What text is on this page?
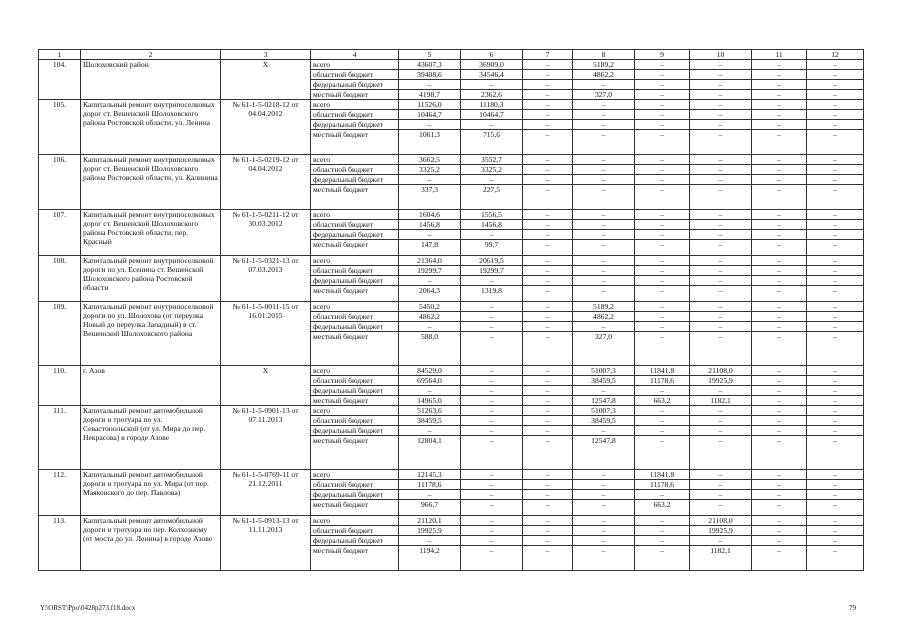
1	2	3	4	5	6	7	8	9	10	11	12
104.	Шолоховский район	Х	всего	43607,3	36909,0	–	5189,2	–	–	–	–
			областной бюджет	39408,6	34546,4	–	4862,2	–	–	–	–
			федеральный бюджет	–	–	–	–	–	–	–	–
			местный бюджет	4198,7	2362,6	–	327,0	–	–	–	–
105.	Капитальный ремонт внутрипоселковых дорог ст. Вешенской Шолоховского района Ростовской области, ул. Ленина	№ 61-1-5-0218-12 от 04.04.2012	всего	11526,0	11180,3	–	–	–	–	–	–
			областной бюджет	10464,7	10464,7	–	–	–	–	–	–
			федеральный бюджет	–	–	–	–	–	–	–	–
			местный бюджет	1061,3	715,6	–	–	–	–	–	–
106.	Капитальный ремонт внутрипоселковых дорог ст. Вешенской Шолоховского района Ростовской области, ул. Калинина	№ 61-1-5-0219-12 от 04.04.2012	всего	3662,5	3552,7	–	–	–	–	–	–
			областной бюджет	3325,2	3325,2	–	–	–	–	–	–
			федеральный бюджет	–	–	–	–	–	–	–	–
			местный бюджет	337,3	227,5	–	–	–	–	–	–
107.	Капитальный ремонт внутрипоселковых дорог ст. Вешенской Шолоховского района Ростовской области, пер. Красный	№ 61-1-5-0211-12 от 30.03.2012	всего	1604,6	1556,5	–	–	–	–	–	–
			областной бюджет	1456,8	1456,8	–	–	–	–	–	–
			федеральный бюджет	–	–	–	–	–	–	–	–
			местный бюджет	147,8	99,7	–	–	–	–	–	–
108.	Капитальный ремонт внутрипоселковой дороги по ул. Есенина ст. Вешенской Шолоховского района Ростовской области	№ 61-1-5-0321-13 от 07.03.2013	всего	21364,0	20619,5	–	–	–	–	–	–
			областной бюджет	19299,7	19299,7	–	–	–	–	–	–
			федеральный бюджет	–	–	–	–	–	–	–	–
			местный бюджет	2064,3	1319,8	–	–	–	–	–	–
109.	Капитальный ремонт внутрипоселковой дороги по ул. Шолохова (от переулка Новый до переулка Западный) в ст. Вешенской Шолоховского района	№ 61-1-5-0011-15 от 16.01.2015	всего	5450,2	–	–	5189,2	–	–	–	–
			областной бюджет	4862,2	–	–	4862,2	–	–	–	–
			федеральный бюджет	–	–	–	–	–	–	–	–
			местный бюджет	588,0	–	–	327,0	–	–	–	–
110.	г. Азов	Х	всего	84529,0	–	–	51007,3	11841,8	21108,0	–	–
			областной бюджет	69564,0	–	–	38459,5	11178,6	19925,9	–	–
			федеральный бюджет	–	–	–	–	–	–	–	–
			местный бюджет	14965,0	–	–	12547,8	663,2	1182,1	–	–
111.	Капитальный ремонт автомобильной дороги и тротуара по ул. Севастопольской (от ул. Мира до пер. Некрасова) в городе Азове	№ 61-1-5-0901-13 от 07.11.2013	всего	51263,6	–	–	51007,3	–	–	–	–
			областной бюджет	38459,5	–	–	38459,5	–	–	–	–
			федеральный бюджет	–	–	–	–	–	–	–	–
			местный бюджет	12804,1	–	–	12547,8	–	–	–	–
112.	Капитальный ремонт автомобильной дороги и тротуара по ул. Мира (от пер. Маяковского до пер. Павлова)	№ 61-1-5-0769-11 от 21.12.2011	всего	12145,3	–	–	–	11841,8	–	–	–
			областной бюджет	11178,6	–	–	–	11178,6	–	–	–
			федеральный бюджет	–	–	–	–	–	–	–	–
			местный бюджет	966,7	–	–	–	663,2	–	–	–
113.	Капитальный ремонт автомобильной дороги и тротуара по пер. Колхозному (от моста до ул. Ленина) в городе Азове	№ 61-1-5-0913-13 от 11.11.2013	всего	21120,1	–	–	–	–	21108,0	–	–
			областной бюджет	19925,9	–	–	–	–	19925,9	–	–
			федеральный бюджет	–	–	–	–	–	–	–	–
			местный бюджет	1194,2	–	–	–	–	1182,1	–	–
Y:\ORST\Ppo\0428p273.f18.docx	79
